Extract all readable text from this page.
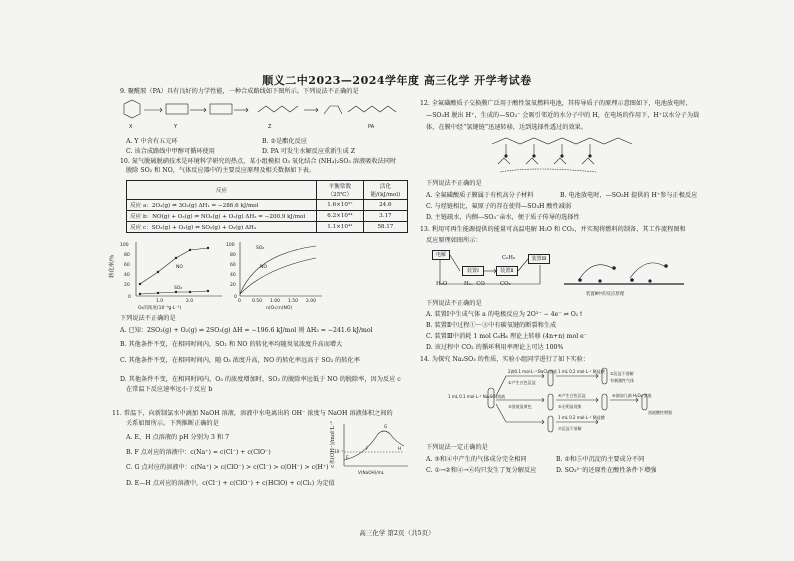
顺义二中2023—2024学年度 高三化学 开学考试卷
9. 聚酰胺（PA）具有良好的力学性能，一种合成路线如下图所示。下列说法不正确的是
X	Y	Z	PA
A. Y 中含有五元环	B. ②是酯化反应
C. 该合成路线中甲醇可循环使用	D. PA 可发生水解反应重新生成 Z
10. 氮气脱硫脱硝技术是环境科学研究的热点，某小组模拟 O₃ 氧化结合 (NH₄)₂SO₃ 溶液吸收法同时
脱除 SO₂ 和 NO，气体反应器中的主要反应原理及相关数据如下表。
反应	平衡常数（25℃）	活化能/(kJ/mol)
反应 a：2O₃(g) ⇌ 3O₂(g) ΔH₁ = −286.6 kJ/mol	1.6×10⁵⁷	24.6
反应 b：NO(g) + O₃(g) ⇌ NO₂(g) + O₂(g) ΔH₂ = −200.9 kJ/mol	6.2×10³⁴	3.17
反应 c：SO₂(g) + O₃(g) ⇌ SO₃(g) + O₂(g) ΔH₃	1.1×10⁴¹	58.17
100
80
60
40
20
0
1.0	2.0
NO
SO₂
O₃的浓度(10⁻⁹g·L⁻¹)
转化率/%
100
80
60
40
20
0
0 0.50 1.00 1.50 2.00
SO₂
NO
n(O₃)∶n(NO)
下列说法不正确的是
A. 已知：2SO₂(g) + O₂(g) ⇌ 2SO₃(g) ΔH = −196.6 kJ/mol 则 ΔH₃ = −241.6 kJ/mol
B. 其他条件不变，在相同时间内，SO₂ 和 NO 的转化率均随臭氧浓度升高而增大
C. 其他条件不变，在相同时间内，随 O₃ 浓度升高，NO 的转化率远高于 SO₂ 的转化率
D. 其他条件不变，在相同时间内，O₃ 的浓度增加时，SO₂ 的脱除率远低于 NO 的脱除率，因为反应 c
在常温下反应速率远小于反应 b
11. 常温下，向新制氯水中滴加 NaOH 溶液，溶液中水电离出的 OH⁻ 浓度与 NaOH 溶液体积之间的
关系如图所示。下列推断正确的是
A. E、H 点溶液的 pH 分别为 3 和 7
B. F 点对应的溶液中：c(Na⁺) = c(Cl⁻) + c(ClO⁻)
C. G 点对应的溶液中：c(Na⁺) > c(ClO⁻) > c(Cl⁻) > c(OH⁻) > c(H⁺)
D. E—H 点对应的溶液中，c(Cl⁻) + c(ClO⁻) + c(HClO) + c(Cl₂) 为定值
E
F
G
H
10⁻⁷
V(NaOH)/mL
c水(OH⁻)/mol·L⁻¹
12. 全氟磺酸质子交换膜广泛用于酸性氢氧燃料电池，其传导质子的原理示意图如下，电池放电时，
—SO₃H 脱出 H⁺，生成的—SO₃⁻ 会吸引邻近的水分子中的 H，在电场的作用下，H⁺以水分子为载
体，在膜中经“氢键链”迅速转移，达到选择性透过的效果。
下列说法不正确的是
A. 全氟磺酸质子膜属于有机高分子材料	B. 电池放电时，—SO₃H 提供的 H⁺参与正极反应
C. 与烃链相比，氟原子的存在使得—SO₃H 酸性减弱
D. 主链疏水，内侧—SO₃⁻亲水，便于质子传导的选择性
13. 利用可再生能源提供的能量可高温电解 H₂O 和 CO₂，并实现将燃料的制备，其工作流程图和
反应原理如图所示：
电解
装置Ⅰ	装置Ⅱ
C₆H₆	装置Ⅲ
H₂、CO	CO₂
H₂O
装置Ⅲ中的反应原理
下列说法不正确的是
A. 装置Ⅰ中生成气体 a 的电极反应为 2O²⁻ − 4e⁻ ⇌ O₂↑
B. 装置Ⅱ中过程①～③中有碳氧键的断裂和生成
C. 装置Ⅲ中消耗 1 mol C₆H₆ 理论上转移 (4n+n) mol e⁻
D. 该过程中 CO₂ 的循环利用率理论上可达 100%
14. 为探究 Na₂SO₃ 的性质，实验小组同学进行了如下实验：
2滴0.1 mol·L⁻¹ BaCl₂溶液
①产生白色沉淀
1 mL 0.2 mol·L⁻¹ 稀盐酸 ②沉淀不溶解
有刺激性气体
1 mL 0.1 mol·L⁻¹ Na₂SO₃溶液
③溶液显黄色
④产生白色沉淀
⑤无明显现象
⑥滴加几滴 H₂O₂ 溶液
1 mL 0.2 mol·L⁻¹ 稀盐酸
⑦沉淀不溶解
溶液酸性增强
下列说法一定正确的是
A. ③和④中产生的气体成分完全相同	B. ②和⑤中沉淀的主要成分不同
C. ①→②和④→⑥均只发生了复分解反应	D. SO₃²⁻的还原性在酸性条件下增强
高三化学 第2页（共5页）
